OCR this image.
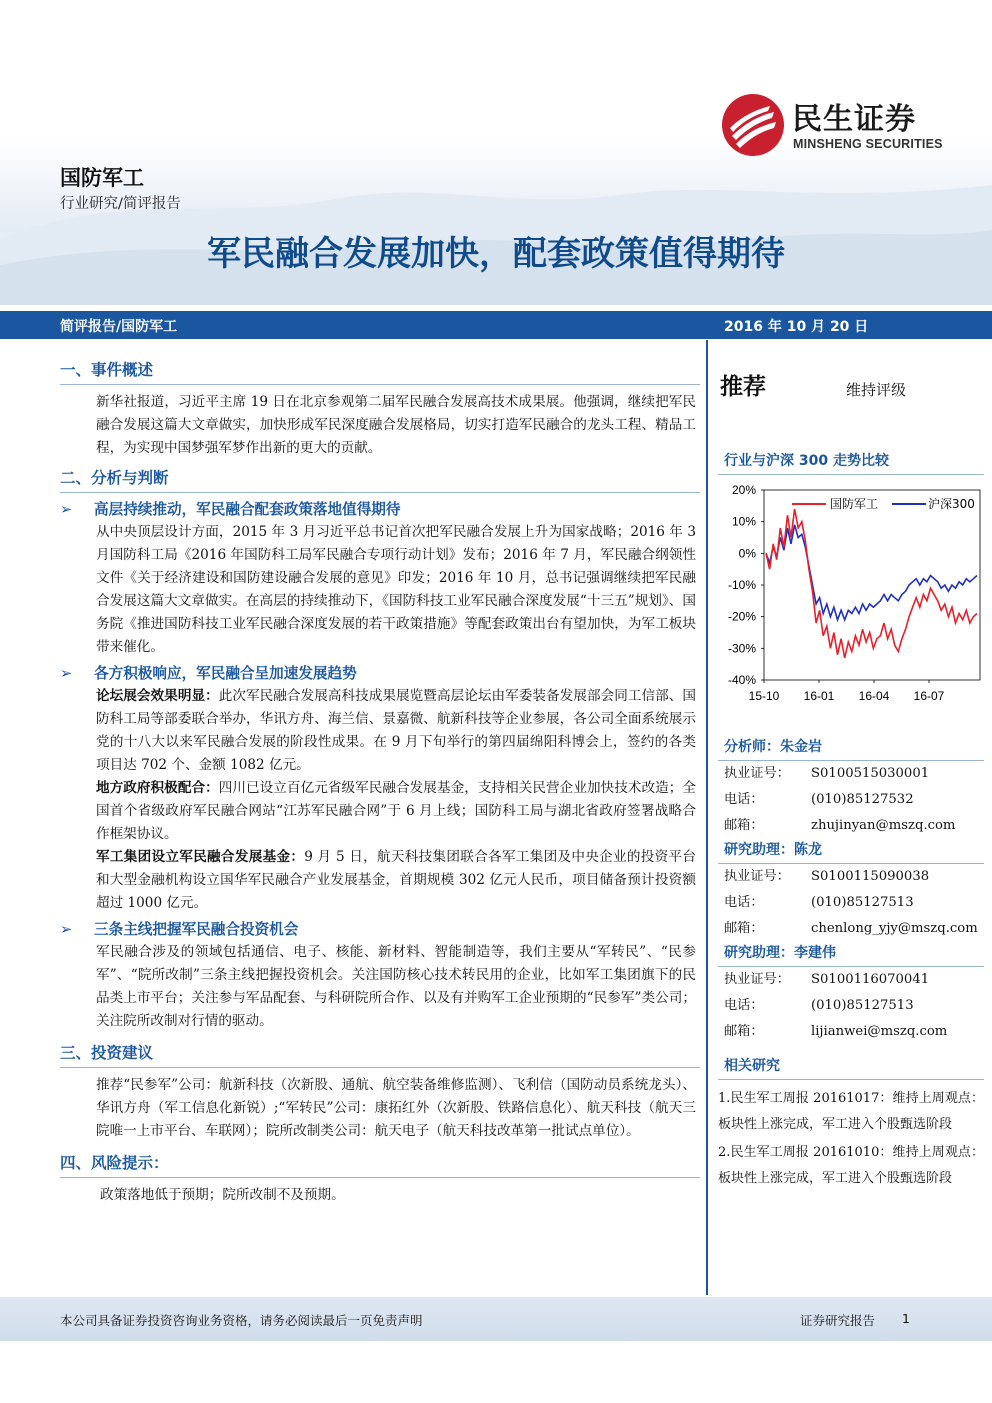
民生证券
MINSHENG SECURITIES
国防军工
行业研究/简评报告
军民融合发展加快，配套政策值得期待
简评报告/国防军工	2016 年 10 月 20 日
一、事件概述
新华社报道，习近平主席 19 日在北京参观第二届军民融合发展高技术成果展。他强调，继续把军民融合发展这篇大文章做实，加快形成军民深度融合发展格局，切实打造军民融合的龙头工程、精品工程，为实现中国梦强军梦作出新的更大的贡献。
二、分析与判断
➢ 高层持续推动，军民融合配套政策落地值得期待
从中央顶层设计方面，2015 年 3 月习近平总书记首次把军民融合发展上升为国家战略；2016 年 3 月国防科工局《2016 年国防科工局军民融合专项行动计划》发布；2016 年 7 月，军民融合纲领性文件《关于经济建设和国防建设融合发展的意见》印发；2016 年 10 月，总书记强调继续把军民融合发展这篇大文章做实。在高层的持续推动下，《国防科技工业军民融合深度发展“十三五”规划》、国务院《推进国防科技工业军民融合深度发展的若干政策措施》等配套政策出台有望加快，为军工板块带来催化。
➢ 各方积极响应，军民融合呈加速发展趋势
论坛展会效果明显：此次军民融合发展高科技成果展览暨高层论坛由军委装备发展部会同工信部、国防科工局等部委联合举办，华讯方舟、海兰信、景嘉微、航新科技等企业参展，各公司全面系统展示党的十八大以来军民融合发展的阶段性成果。在 9 月下旬举行的第四届绵阳科博会上，签约的各类项目达 702 个、金额 1082 亿元。
地方政府积极配合：四川已设立百亿元省级军民融合发展基金，支持相关民营企业加快技术改造；全国首个省级政府军民融合网站“江苏军民融合网”于 6 月上线；国防科工局与湖北省政府签署战略合作框架协议。
军工集团设立军民融合发展基金：9 月 5 日，航天科技集团联合各军工集团及中央企业的投资平台和大型金融机构设立国华军民融合产业发展基金，首期规模 302 亿元人民币，项目储备预计投资额超过 1000 亿元。
➢ 三条主线把握军民融合投资机会
军民融合涉及的领域包括通信、电子、核能、新材料、智能制造等，我们主要从“军转民”、“民参军”、“院所改制”三条主线把握投资机会。关注国防核心技术转民用的企业，比如军工集团旗下的民品类上市平台；关注参与军品配套、与科研院所合作、以及有并购军工企业预期的“民参军”类公司；关注院所改制对行情的驱动。
三、投资建议
推荐“民参军”公司：航新科技（次新股、通航、航空装备维修监测）、飞利信（国防动员系统龙头）、华讯方舟（军工信息化新锐）;“军转民”公司：康拓红外（次新股、铁路信息化）、航天科技（航天三院唯一上市平台、车联网）；院所改制类公司：航天电子（航天科技改革第一批试点单位）。
四、风险提示：
政策落地低于预期；院所改制不及预期。
推荐	维持评级
行业与沪深 300 走势比较
20%
10%
0%
-10%
-20%
-30%
-40%
15-10 16-01 16-04 16-07
国防军工	沪深300
分析师：朱金岩
执业证号：	S0100515030001
电话：	(010)85127532
邮箱：	zhujinyan@mszq.com
研究助理：陈龙
执业证号：	S0100115090038
电话：	(010)85127513
邮箱：	chenlong_yjy@mszq.com
研究助理：李建伟
执业证号：	S0100116070041
电话：	(010)85127513
邮箱：	lijianwei@mszq.com
相关研究
1.民生军工周报 20161017：维持上周观点：板块性上涨完成，军工进入个股甄选阶段
2.民生军工周报 20161010：维持上周观点：板块性上涨完成，军工进入个股甄选阶段
本公司具备证券投资咨询业务资格，请务必阅读最后一页免责声明	证券研究报告 1
